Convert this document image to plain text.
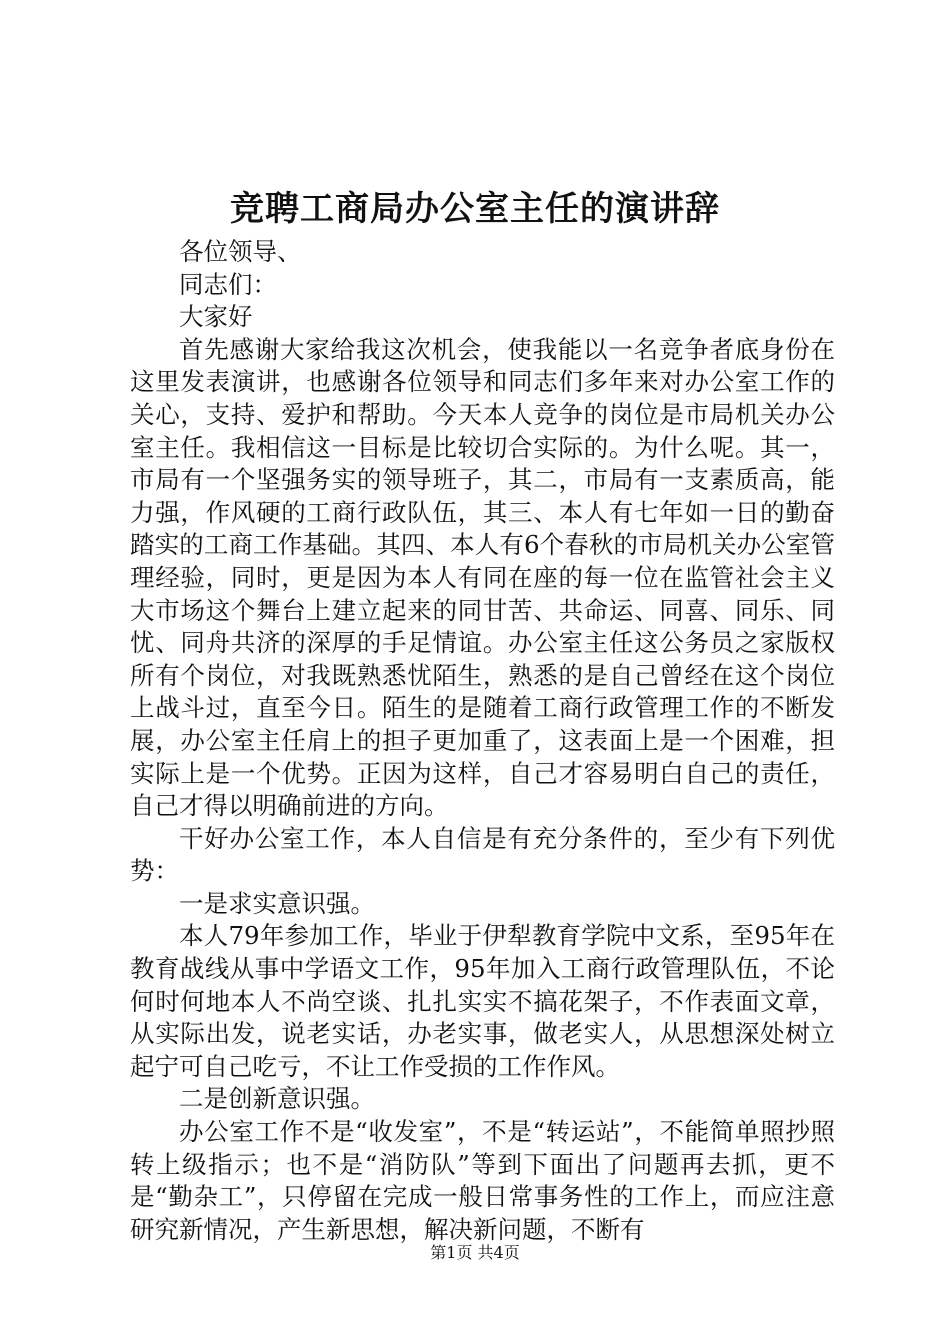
竞聘工商局办公室主任的演讲辞

各位领导、

同志们：

大家好

首先感谢大家给我这次机会，使我能以一名竞争者底身份在这里发表演讲，也感谢各位领导和同志们多年来对办公室工作的关心，支持、爱护和帮助。今天本人竞争的岗位是市局机关办公室主任。我相信这一目标是比较切合实际的。为什么呢。其一，市局有一个坚强务实的领导班子，其二，市局有一支素质高，能力强，作风硬的工商行政队伍，其三、本人有七年如一日的勤奋踏实的工商工作基础。其四、本人有6个春秋的市局机关办公室管理经验，同时，更是因为本人有同在座的每一位在监管社会主义大市场这个舞台上建立起来的同甘苦、共命运、同喜、同乐、同忧、同舟共济的深厚的手足情谊。办公室主任这公务员之家版权所有个岗位，对我既熟悉忧陌生，熟悉的是自己曾经在这个岗位上战斗过，直至今日。陌生的是随着工商行政管理工作的不断发展，办公室主任肩上的担子更加重了，这表面上是一个困难，担实际上是一个优势。正因为这样，自己才容易明白自己的责任，自己才得以明确前进的方向。

干好办公室工作，本人自信是有充分条件的，至少有下列优势：

一是求实意识强。

本人79年参加工作，毕业于伊犁教育学院中文系，至95年在教育战线从事中学语文工作，95年加入工商行政管理队伍，不论何时何地本人不尚空谈、扎扎实实不搞花架子，不作表面文章，从实际出发，说老实话，办老实事，做老实人，从思想深处树立起宁可自己吃亏，不让工作受损的工作作风。

二是创新意识强。

办公室工作不是“收发室”，不是“转运站”，不能简单照抄照转上级指示；也不是“消防队”等到下面出了问题再去抓，更不是“勤杂工”，只停留在完成一般日常事务性的工作上，而应注意研究新情况，产生新思想，解决新问题，不断有

第1页 共4页
